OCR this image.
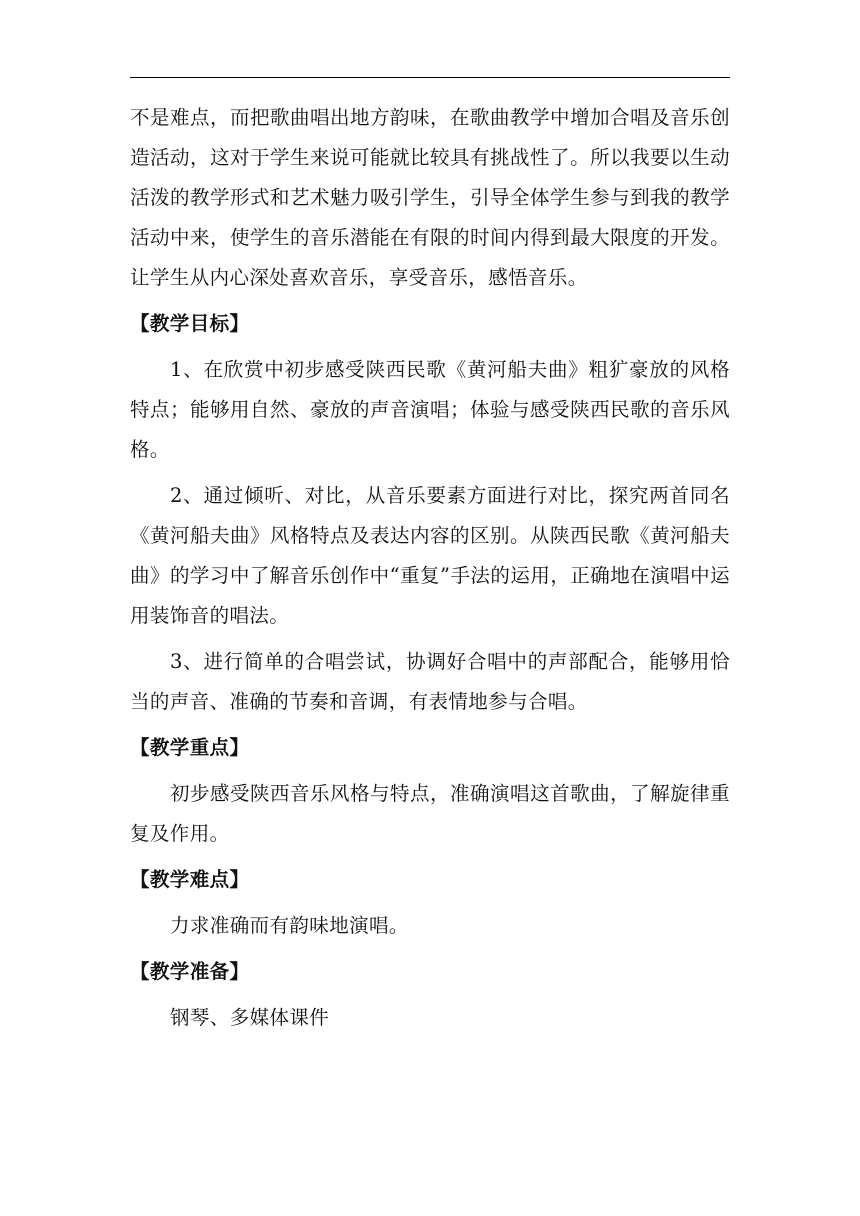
不是难点，而把歌曲唱出地方韵味，在歌曲教学中增加合唱及音乐创造活动，这对于学生来说可能就比较具有挑战性了。所以我要以生动活泼的教学形式和艺术魅力吸引学生，引导全体学生参与到我的教学活动中来，使学生的音乐潜能在有限的时间内得到最大限度的开发。让学生从内心深处喜欢音乐，享受音乐，感悟音乐。

【教学目标】

1、在欣赏中初步感受陕西民歌《黄河船夫曲》粗犷豪放的风格特点；能够用自然、豪放的声音演唱；体验与感受陕西民歌的音乐风格。

2、通过倾听、对比，从音乐要素方面进行对比，探究两首同名《黄河船夫曲》风格特点及表达内容的区别。从陕西民歌《黄河船夫曲》的学习中了解音乐创作中“重复”手法的运用，正确地在演唱中运用装饰音的唱法。

3、进行简单的合唱尝试，协调好合唱中的声部配合，能够用恰当的声音、准确的节奏和音调，有表情地参与合唱。

【教学重点】

初步感受陕西音乐风格与特点，准确演唱这首歌曲，了解旋律重复及作用。

【教学难点】

力求准确而有韵味地演唱。

【教学准备】

钢琴、多媒体课件
